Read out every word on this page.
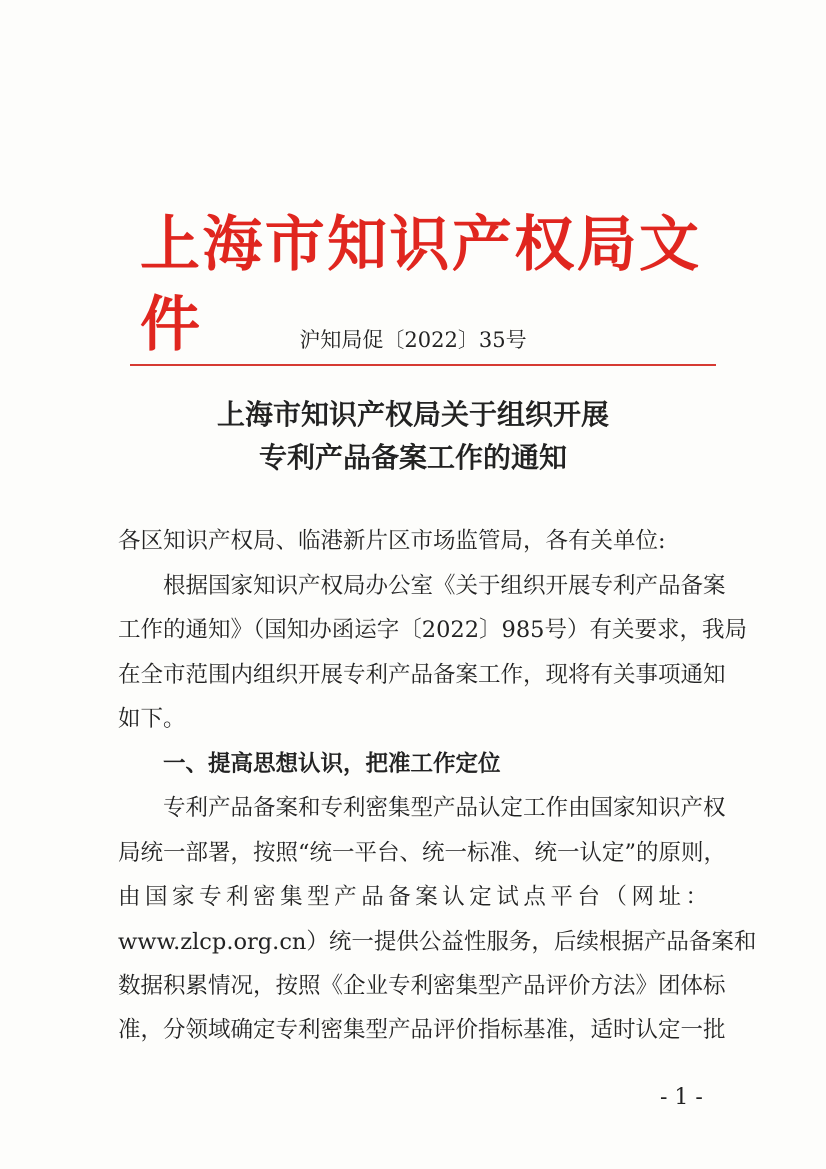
上海市知识产权局文件	沪知局促〔2022〕35号
上海市知识产权局关于组织开展
专利产品备案工作的通知
各区知识产权局、临港新片区市场监管局，各有关单位:
根据国家知识产权局办公室《关于组织开展专利产品备案
工作的通知》（国知办函运字〔2022〕985号）有关要求，我局
在全市范围内组织开展专利产品备案工作，现将有关事项通知
如下。
一、提高思想认识，把准工作定位
专利产品备案和专利密集型产品认定工作由国家知识产权
局统一部署，按照“统一平台、统一标准、统一认定”的原则，
由国家专利密集型产品备案认定试点平台（网址：
www.zlcp.org.cn）统一提供公益性服务，后续根据产品备案和
数据积累情况，按照《企业专利密集型产品评价方法》团体标
准，分领域确定专利密集型产品评价指标基准，适时认定一批
- 1 -
